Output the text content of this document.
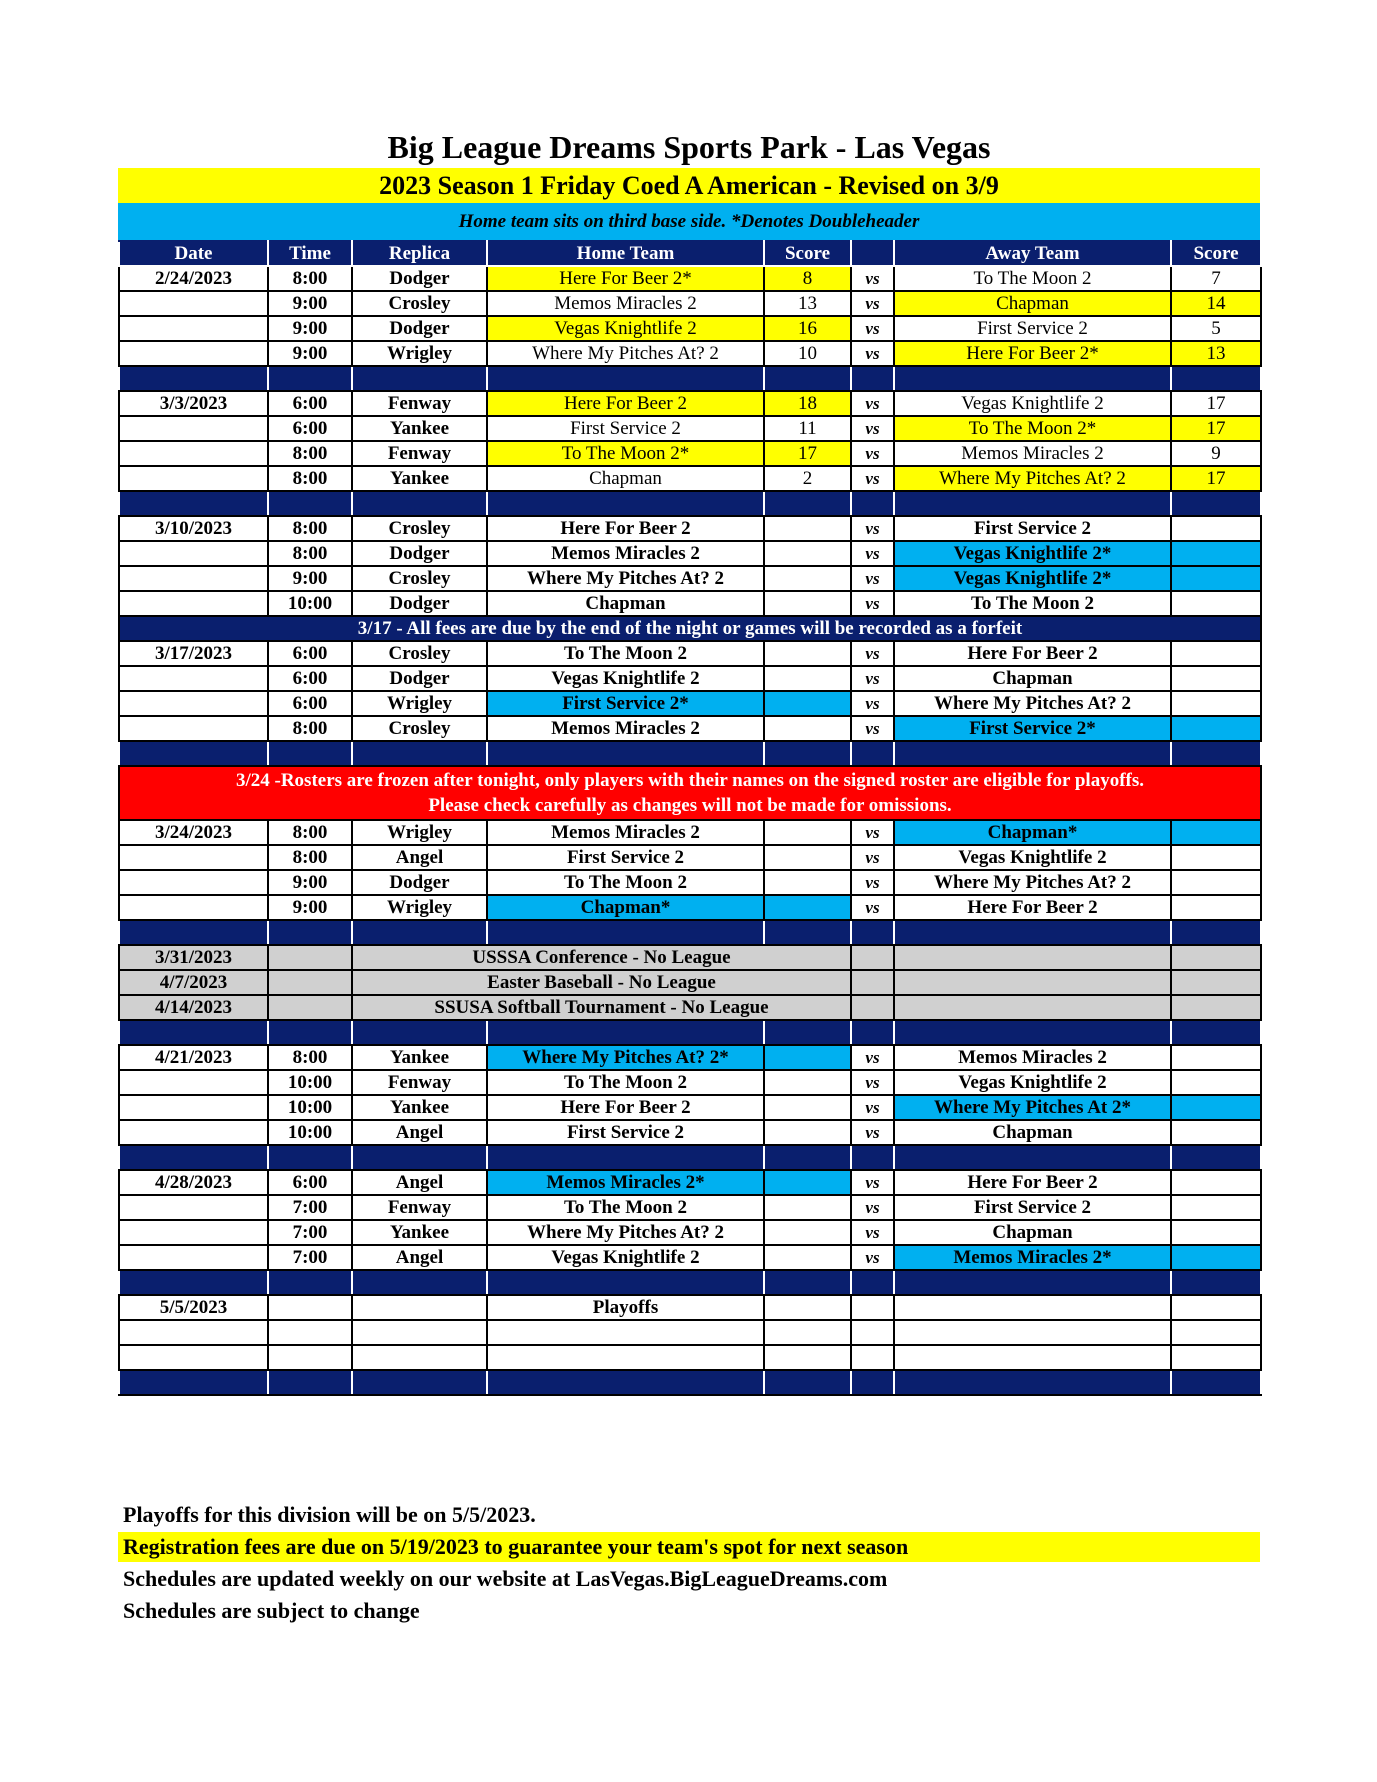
Big League Dreams Sports Park - Las Vegas
2023 Season 1 Friday Coed A American - Revised on 3/9
Home team sits on third base side. *Denotes Doubleheader
Date	Time	Replica	Home Team	Score		Away Team	Score
2/24/2023	8:00	Dodger	Here For Beer 2*	8	vs	To The Moon 2	7
	9:00	Crosley	Memos Miracles 2	13	vs	Chapman	14
	9:00	Dodger	Vegas Knightlife 2	16	vs	First Service 2	5
	9:00	Wrigley	Where My Pitches At? 2	10	vs	Here For Beer 2*	13

3/3/2023	6:00	Fenway	Here For Beer 2	18	vs	Vegas Knightlife 2	17
	6:00	Yankee	First Service 2	11	vs	To The Moon 2*	17
	8:00	Fenway	To The Moon 2*	17	vs	Memos Miracles 2	9
	8:00	Yankee	Chapman	2	vs	Where My Pitches At? 2	17

3/10/2023	8:00	Crosley	Here For Beer 2		vs	First Service 2	
	8:00	Dodger	Memos Miracles 2		vs	Vegas Knightlife 2*	
	9:00	Crosley	Where My Pitches At? 2		vs	Vegas Knightlife 2*	
	10:00	Dodger	Chapman		vs	To The Moon 2	
3/17 - All fees are due by the end of the night or games will be recorded as a forfeit							
3/17/2023	6:00	Crosley	To The Moon 2		vs	Here For Beer 2	
	6:00	Dodger	Vegas Knightlife 2		vs	Chapman	
	6:00	Wrigley	First Service 2*		vs	Where My Pitches At? 2	
	8:00	Crosley	Memos Miracles 2		vs	First Service 2*	

3/24 -Rosters are frozen after tonight, only players with their names on the signed roster are eligible for playoffs.
Please check carefully as changes will not be made for omissions.							

3/24/2023	8:00	Wrigley	Memos Miracles 2		vs	Chapman*	
	8:00	Angel	First Service 2		vs	Vegas Knightlife 2	
	9:00	Dodger	To The Moon 2		vs	Where My Pitches At? 2	
	9:00	Wrigley	Chapman*		vs	Here For Beer 2	

3/31/2023		USSSA Conference - No League					
4/7/2023		Easter Baseball - No League					
4/14/2023		SSUSA Softball Tournament - No League					

4/21/2023	8:00	Yankee	Where My Pitches At? 2*		vs	Memos Miracles 2	
	10:00	Fenway	To The Moon 2		vs	Vegas Knightlife 2	
	10:00	Yankee	Here For Beer 2		vs	Where My Pitches At 2*	
	10:00	Angel	First Service 2		vs	Chapman	

4/28/2023	6:00	Angel	Memos Miracles 2*		vs	Here For Beer 2	
	7:00	Fenway	To The Moon 2		vs	First Service 2	
	7:00	Yankee	Where My Pitches At? 2		vs	Chapman	
	7:00	Angel	Vegas Knightlife 2		vs	Memos Miracles 2*	

5/5/2023			Playoffs				

Playoffs for this division will be on 5/5/2023.
Registration fees are due on 5/19/2023 to guarantee your team's spot for next season
Schedules are updated weekly on our website at LasVegas.BigLeagueDreams.com
Schedules are subject to change
